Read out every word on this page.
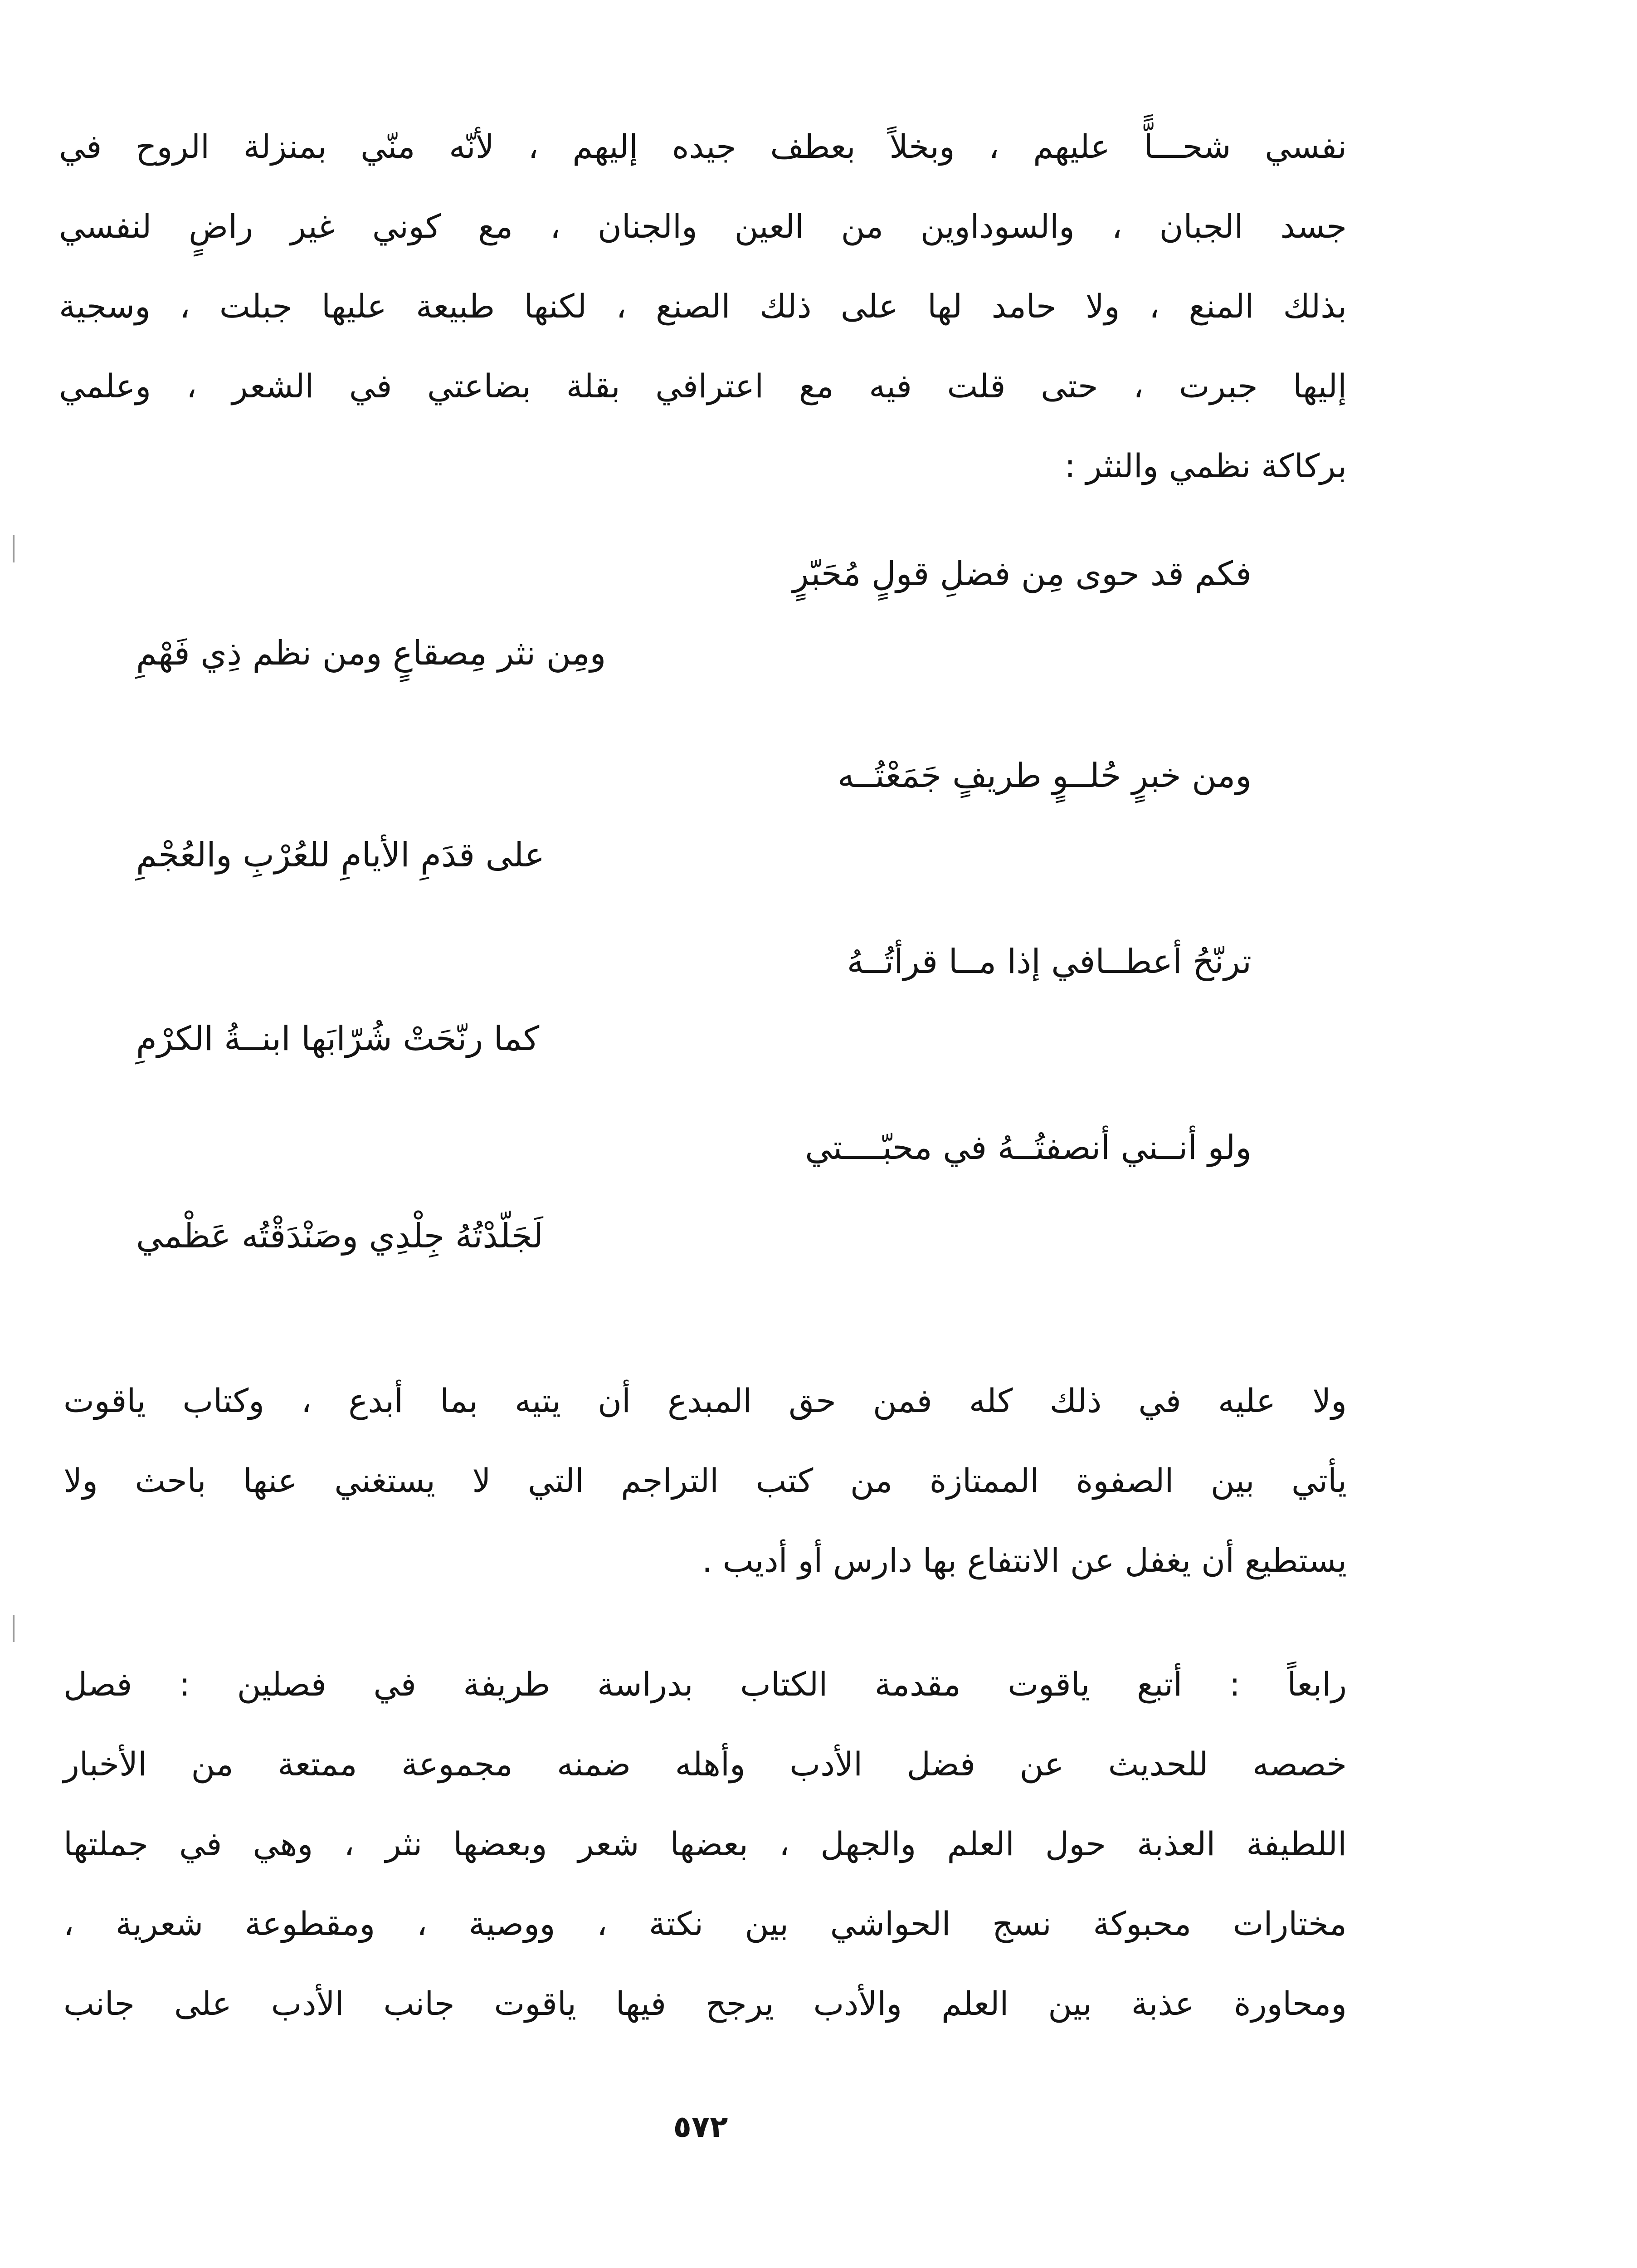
نفسي شحـــاًّ عليهم ، وبخلاً بعطف جيده إليهم ، لأنّه منّي بمنزلة الروح في
جسد الجبان ، والسوداوين من العين والجنان ، مع كوني غير راضٍ لنفسي
بذلك المنع ، ولا حامد لها على ذلك الصنع ، لكنها طبيعة عليها جبلت ، وسجية
إليها جبرت ، حتى قلت فيه مع اعترافي بقلة بضاعتي في الشعر ، وعلمي
بركاكة نظمي والنثر :
فكم قد حوى مِن فضلِ قولٍ مُحَبّرٍ
ومِن نثر مِصقاعٍ ومن نظم ذِي فَهْمِ
ومن خبرٍ حُلــوٍ طريفٍ جَمَعْتُــه
على قدَمِ الأيامِ للعُرْبِ والعُجْمِ
ترنّحُ أعطــافي إذا مــا قرأتُــهُ
كما رنّحَتْ شُرّابَها ابنــةُ الكرْمِ
ولو أنــني أنصفتُــهُ في محبّــــتي
لَجَلّدْتُهُ جِلْدِي وصَنْدَقْتُه عَظْمي
ولا عليه في ذلك كله فمن حق المبدع أن يتيه بما أبدع ، وكتاب ياقوت
يأتي بين الصفوة الممتازة من كتب التراجم التي لا يستغني عنها باحث ولا
يستطيع أن يغفل عن الانتفاع بها دارس أو أديب .
رابعاً : أتبع ياقوت مقدمة الكتاب بدراسة طريفة في فصلين : فصل
خصصه للحديث عن فضل الأدب وأهله ضمنه مجموعة ممتعة من الأخبار
اللطيفة العذبة حول العلم والجهل ، بعضها شعر وبعضها نثر ، وهي في جملتها
مختارات محبوكة نسج الحواشي بين نكتة ، ووصية ، ومقطوعة شعرية ،
ومحاورة عذبة بين العلم والأدب يرجح فيها ياقوت جانب الأدب على جانب
٥٧٢
